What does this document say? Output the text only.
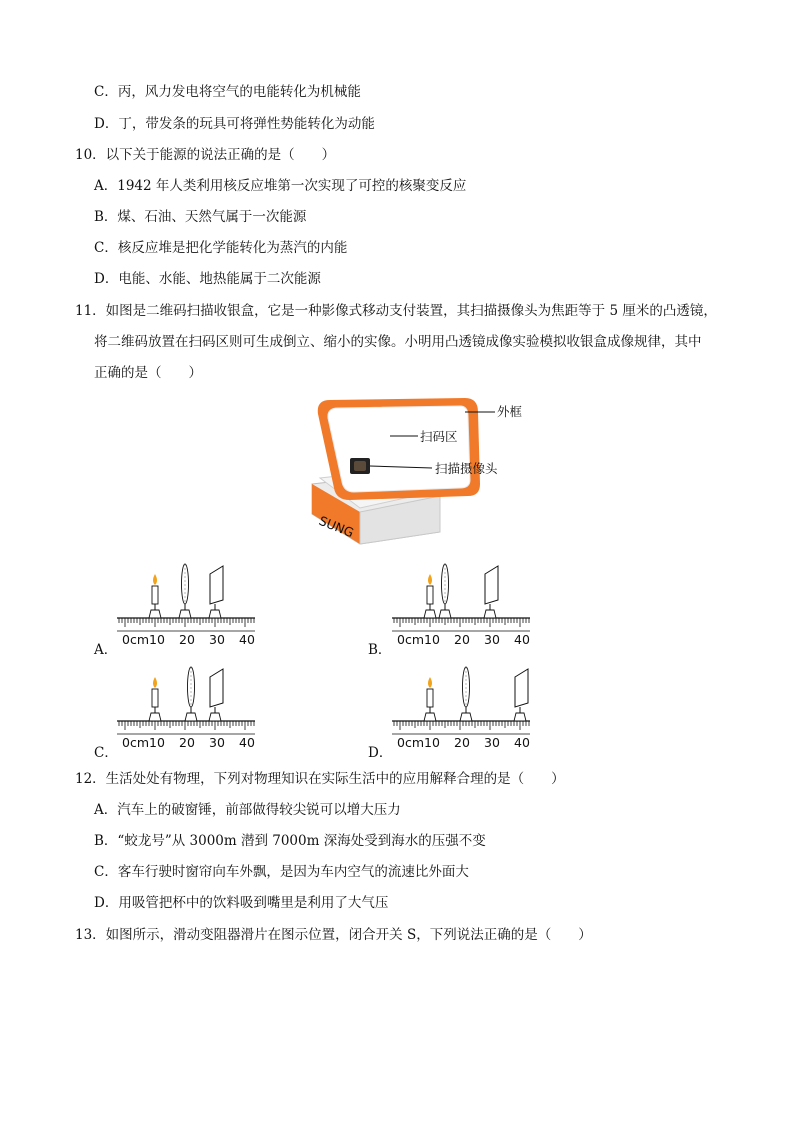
C．丙，风力发电将空气的电能转化为机械能
D．丁，带发条的玩具可将弹性势能转化为动能
10．以下关于能源的说法正确的是（　　）
A．1942 年人类利用核反应堆第一次实现了可控的核聚变反应
B．煤、石油、天然气属于一次能源
C．核反应堆是把化学能转化为蒸汽的内能
D．电能、水能、地热能属于二次能源
11．如图是二维码扫描收银盒，它是一种影像式移动支付装置，其扫描摄像头为焦距等于 5 厘米的凸透镜，
将二维码放置在扫码区则可生成倒立、缩小的实像。小明用凸透镜成像实验模拟收银盒成像规律，其中
正确的是（　　）
SUNG
外框
扫码区
扫描摄像头
A．	B．
C．	D．
0cm 10 20 30 40	0cm 10 20 30 40
0cm 10 20 30 40	0cm 10 20 30 40
12．生活处处有物理，下列对物理知识在实际生活中的应用解释合理的是（　　）
A．汽车上的破窗锤，前部做得较尖锐可以增大压力
B．“蛟龙号”从 3000m 潜到 7000m 深海处受到海水的压强不变
C．客车行驶时窗帘向车外飘，是因为车内空气的流速比外面大
D．用吸管把杯中的饮料吸到嘴里是利用了大气压
13．如图所示，滑动变阻器滑片在图示位置，闭合开关 S，下列说法正确的是（　　）
